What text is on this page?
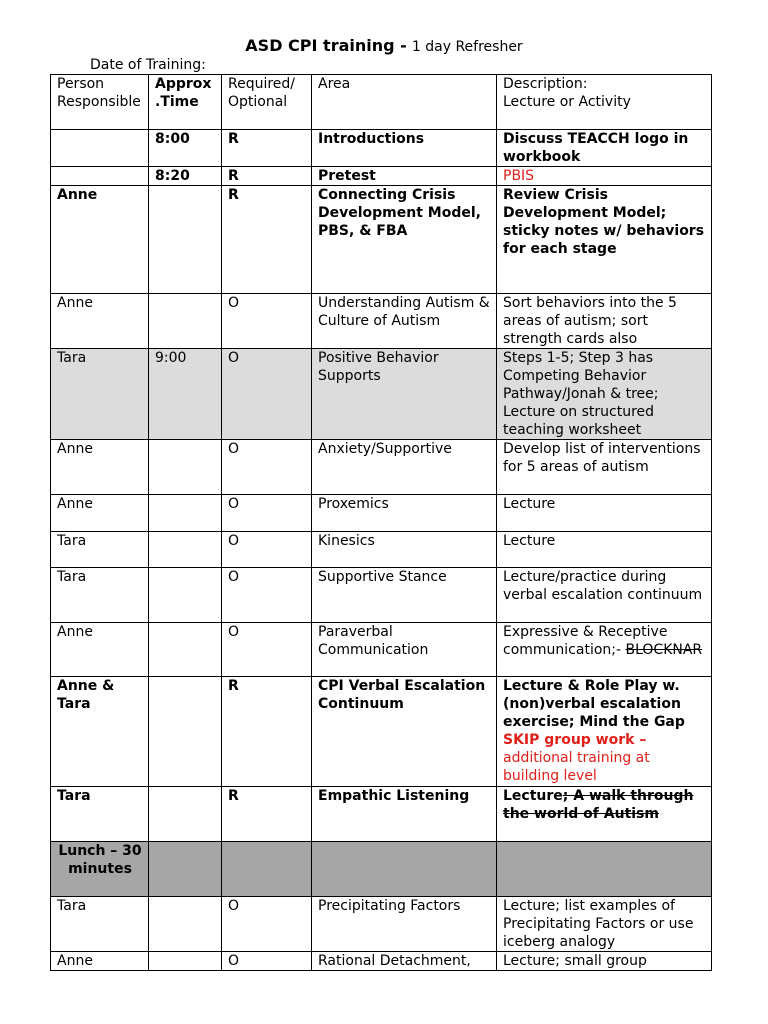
ASD CPI training - 1 day Refresher
Date of Training:
Person Responsible	Approx.Time	Required/ Optional	Area	Description:
Lecture or Activity

	8:00	R	Introductions	Discuss TEACCH logo in workbook
	8:20	R	Pretest	PBIS
Anne		R	Connecting Crisis Development Model, PBS, & FBA	Review Crisis Development Model; sticky notes w/ behaviors for each stage
Anne		O	Understanding Autism & Culture of Autism	Sort behaviors into the 5 areas of autism; sort strength cards also
Tara	9:00	O	Positive Behavior Supports	Steps 1-5; Step 3 has Competing Behavior Pathway/Jonah & tree; Lecture on structured teaching worksheet
Anne		O	Anxiety/Supportive	Develop list of interventions for 5 areas of autism
Anne		O	Proxemics	Lecture
Tara		O	Kinesics	Lecture
Tara		O	Supportive Stance	Lecture/practice during verbal escalation continuum
Anne		O	Paraverbal Communication	Expressive & Receptive communication;- BLOCKNAR
Anne & Tara		R	CPI Verbal Escalation Continuum	Lecture & Role Play w. (non)verbal escalation exercise; Mind the Gap SKIP group work – additional training at building level
Tara		R	Empathic Listening	Lecture; A walk through the world of Autism
Lunch – 30 minutes				
Tara		O	Precipitating Factors	Lecture; list examples of Precipitating Factors or use iceberg analogy
Anne		O	Rational Detachment,	Lecture; small group
